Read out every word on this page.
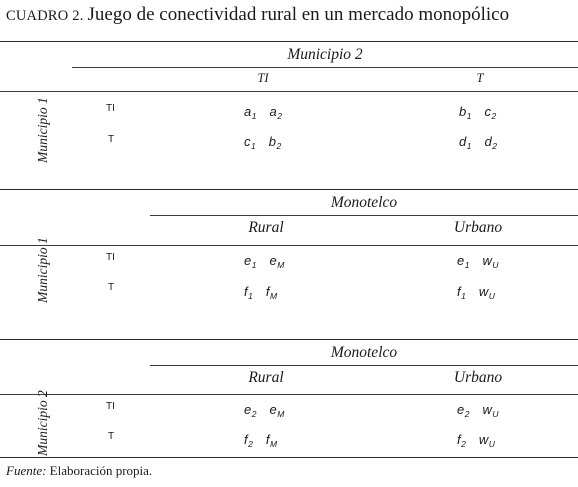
CUADRO 2. Juego de conectividad rural en un mercado monopólico
Municipio 2
TI	T
Municipio 1	TI	$a_1$ $a_2$	$b_1$ $c_2$
T	$c_1$ $b_2$	$d_1$ $d_2$
Monotelco
Rural	Urbano
Municipio 1	TI	$e_1$ $e_M$	$e_1$ $w_U$
T	$f_1$ $f_M$	$f_1$ $w_U$
Monotelco
Rural	Urbano
Municipio 2	TI	$e_2$ $e_M$	$e_2$ $w_U$
T	$f_2$ $f_M$	$f_2$ $w_U$
Fuente: Elaboración propia.
